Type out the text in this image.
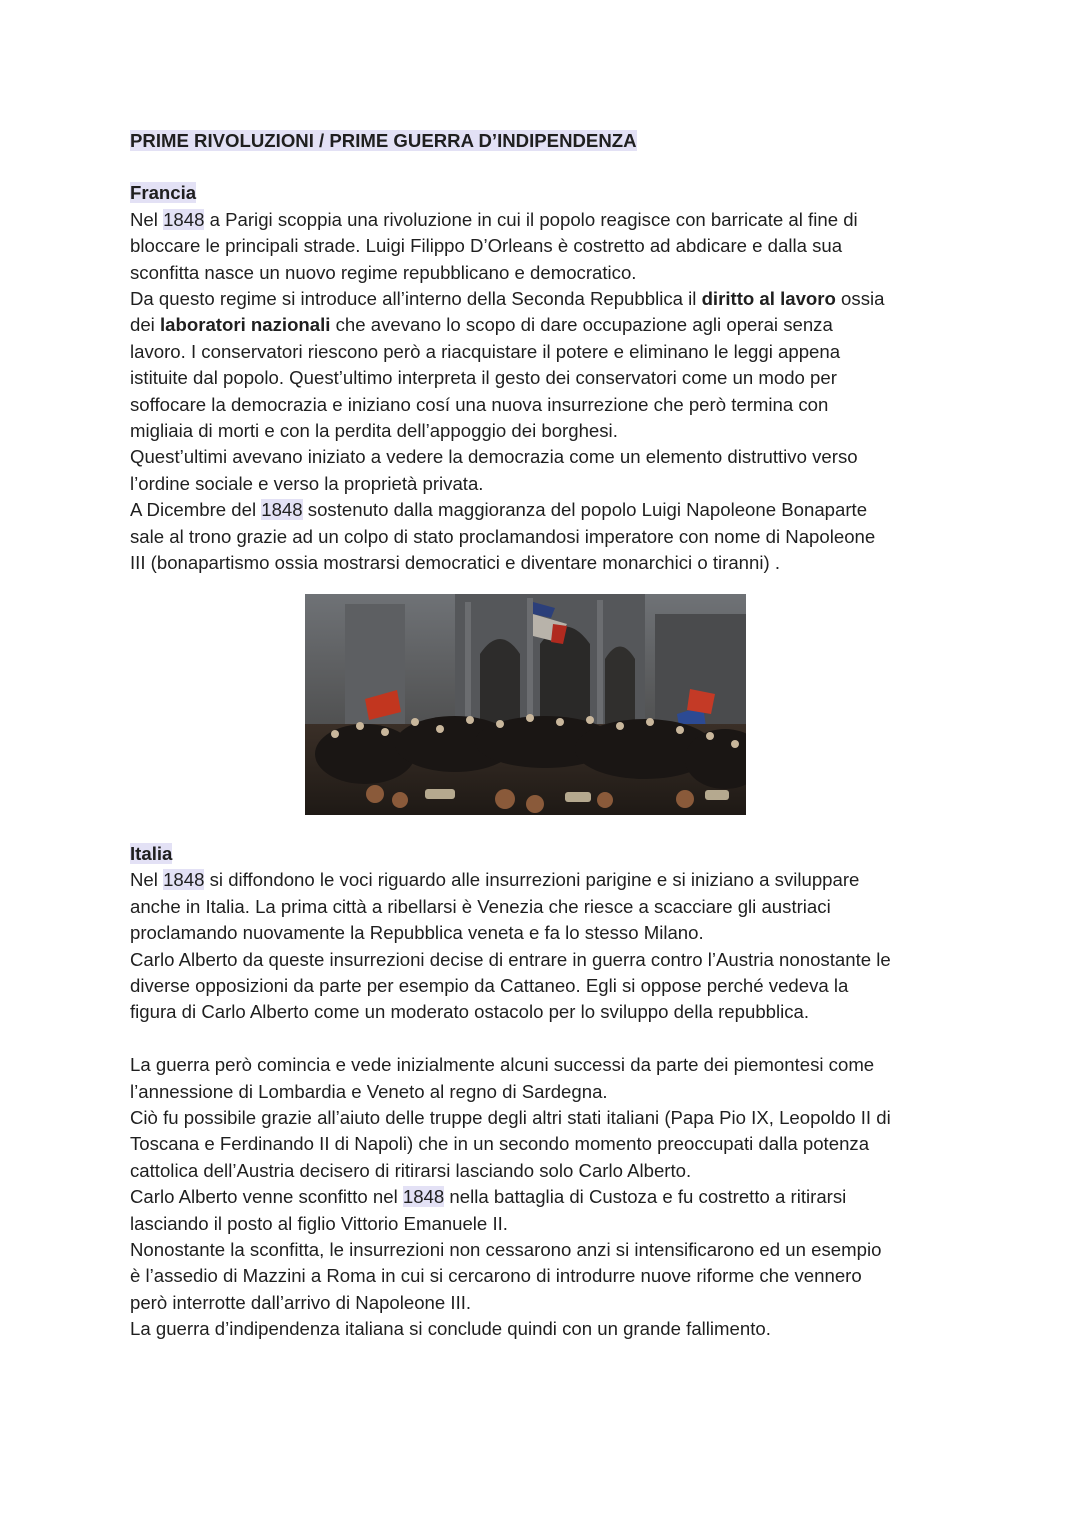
PRIME RIVOLUZIONI / PRIME GUERRA D’INDIPENDENZA

Francia

Nel 1848 a Parigi scoppia una rivoluzione in cui il popolo reagisce con barricate al fine di

bloccare le principali strade. Luigi Filippo D’Orleans è costretto ad abdicare e dalla sua

sconfitta nasce un nuovo regime repubblicano e democratico.

Da questo regime si introduce all’interno della Seconda Repubblica il diritto al lavoro ossia

dei laboratori nazionali che avevano lo scopo di dare occupazione agli operai senza

lavoro. I conservatori riescono però a riacquistare il potere e eliminano le leggi appena

istituite dal popolo. Quest’ultimo interpreta il gesto dei conservatori come un modo per

soffocare la democrazia e iniziano cosí una nuova insurrezione che però termina con

migliaia di morti e con la perdita dell’appoggio dei borghesi.

Quest’ultimi avevano iniziato a vedere la democrazia come un elemento distruttivo verso

l’ordine sociale e verso la proprietà privata.

A Dicembre del 1848 sostenuto dalla maggioranza del popolo Luigi Napoleone Bonaparte

sale al trono grazie ad un colpo di stato proclamandosi imperatore con nome di Napoleone

III (bonapartismo ossia mostrarsi democratici e diventare monarchici o tiranni) .

Italia

Nel 1848 si diffondono le voci riguardo alle insurrezioni parigine e si iniziano a sviluppare

anche in Italia. La prima città a ribellarsi è Venezia che riesce a scacciare gli austriaci

proclamando nuovamente la Repubblica veneta e fa lo stesso Milano.

Carlo Alberto da queste insurrezioni decise di entrare in guerra contro l’Austria nonostante le

diverse opposizioni da parte per esempio da Cattaneo. Egli si oppose perché vedeva la

figura di Carlo Alberto come un moderato ostacolo per lo sviluppo della repubblica.

La guerra però comincia e vede inizialmente alcuni successi da parte dei piemontesi come

l’annessione di Lombardia e Veneto al regno di Sardegna.

Ciò fu possibile grazie all’aiuto delle truppe degli altri stati italiani (Papa Pio IX, Leopoldo II di

Toscana e Ferdinando II di Napoli) che in un secondo momento preoccupati dalla potenza

cattolica dell’Austria decisero di ritirarsi lasciando solo Carlo Alberto.

Carlo Alberto venne sconfitto nel 1848 nella battaglia di Custoza e fu costretto a ritirarsi

lasciando il posto al figlio Vittorio Emanuele II.

Nonostante la sconfitta, le insurrezioni non cessarono anzi si intensificarono ed un esempio

è l’assedio di Mazzini a Roma in cui si cercarono di introdurre nuove riforme che vennero

però interrotte dall’arrivo di Napoleone III.

La guerra d’indipendenza italiana si conclude quindi con un grande fallimento.
